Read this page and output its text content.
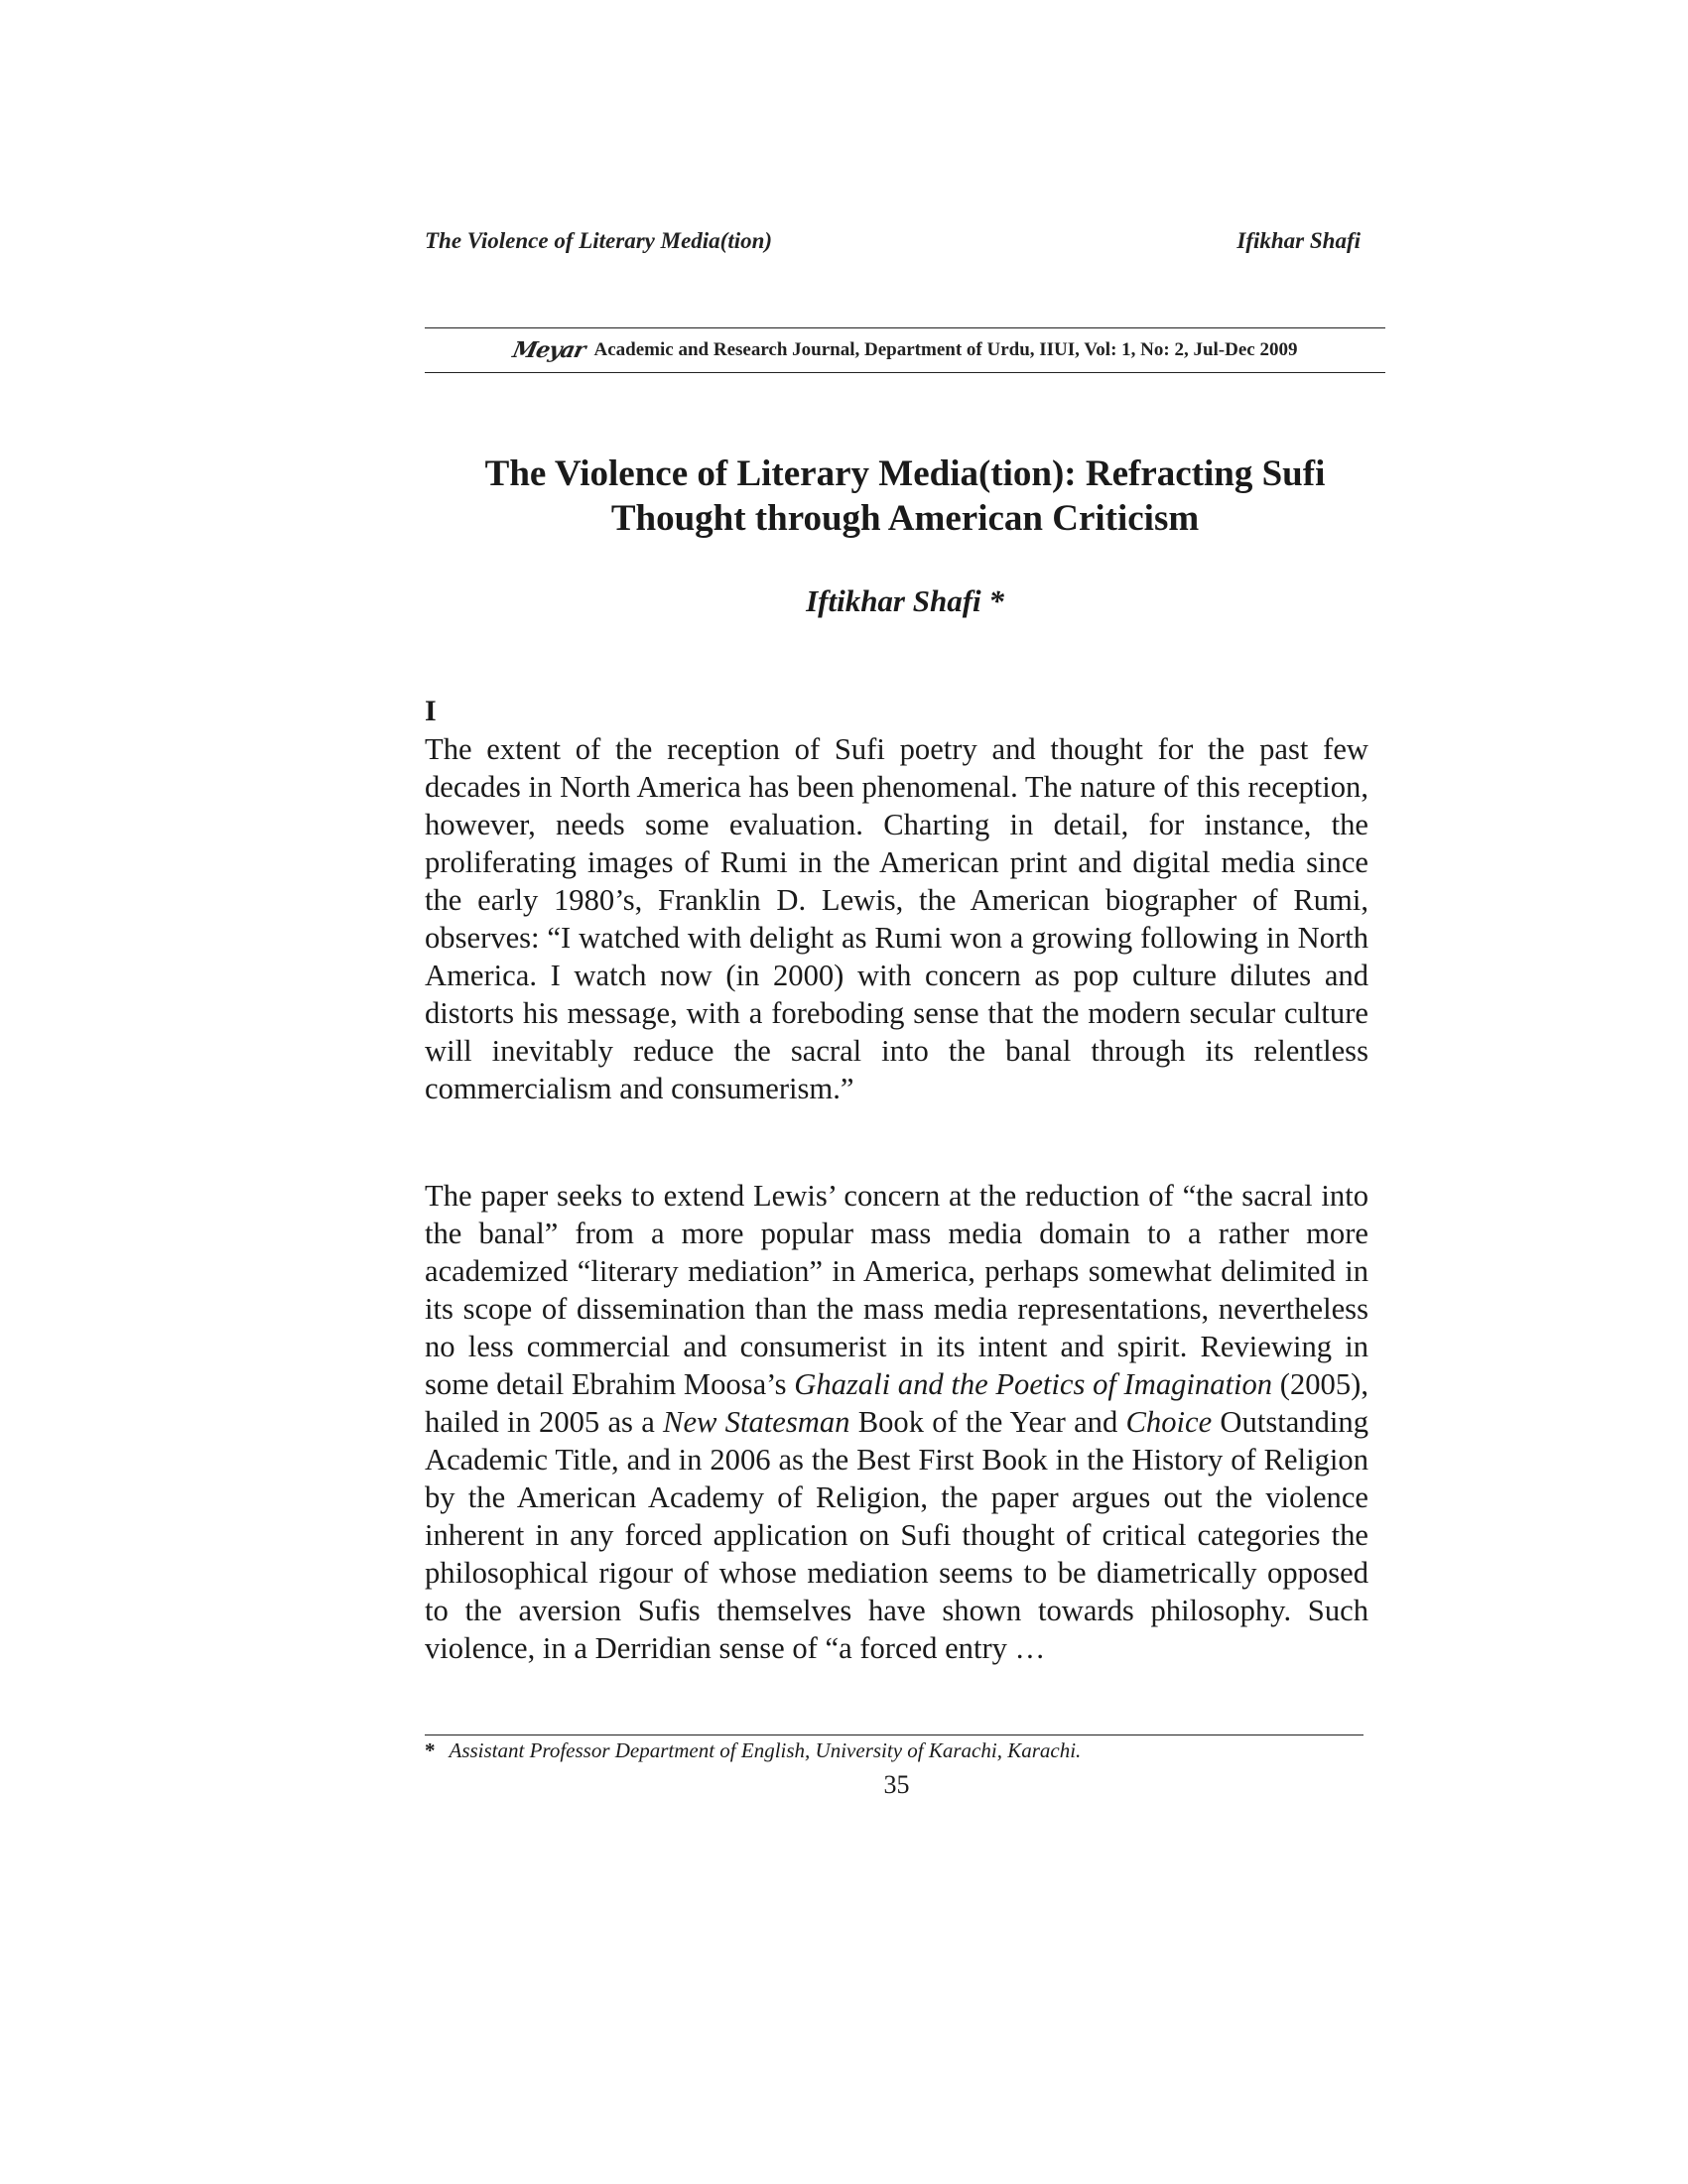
The Violence of Literary Media(tion)	Ifikhar Shafi
Meyar Academic and Research Journal, Department of Urdu, IIUI, Vol: 1, No: 2, Jul-Dec 2009
The Violence of Literary Media(tion): Refracting Sufi
Thought through American Criticism
Iftikhar Shafi *
I
The extent of the reception of Sufi poetry and thought for the past few decades in North America has been phenomenal. The nature of this reception, however, needs some evaluation. Charting in detail, for instance, the proliferating images of Rumi in the American print and digital media since the early 1980’s, Franklin D. Lewis, the American biographer of Rumi, observes: “I watched with delight as Rumi won a growing following in North America. I watch now (in 2000) with concern as pop culture dilutes and distorts his message, with a foreboding sense that the modern secular culture will inevitably reduce the sacral into the banal through its relentless commercialism and consumerism.”
The paper seeks to extend Lewis’ concern at the reduction of “the sacral into the banal” from a more popular mass media domain to a rather more academized “literary mediation” in America, perhaps somewhat delimited in its scope of dissemination than the mass media representations, nevertheless no less commercial and consumerist in its intent and spirit. Reviewing in some detail Ebrahim Moosa’s Ghazali and the Poetics of Imagination (2005), hailed in 2005 as a New Statesman Book of the Year and Choice Outstanding Academic Title, and in 2006 as the Best First Book in the History of Religion by the American Academy of Religion, the paper argues out the violence inherent in any forced application on Sufi thought of critical categories the philosophical rigour of whose mediation seems to be diametrically opposed to the aversion Sufis themselves have shown towards philosophy. Such violence, in a Derridian sense of “a forced entry …
* Assistant Professor Department of English, University of Karachi, Karachi.
35
